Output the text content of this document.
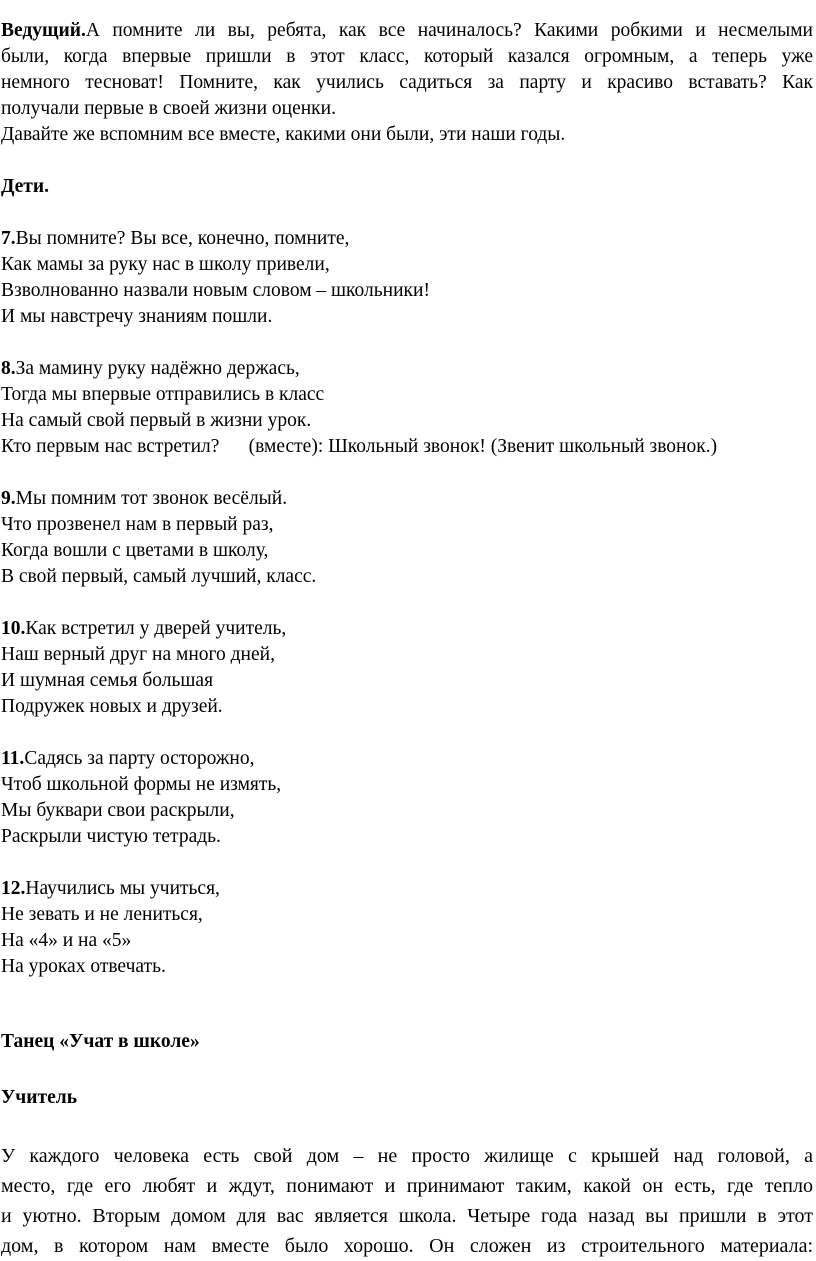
Ведущий.А помните ли вы, ребята, как все начиналось? Какими робкими и несмелыми
были, когда впервые пришли в этот класс, который казался огромным, а теперь уже
немного тесноват! Помните, как учились садиться за парту и красиво вставать? Как
получали первые в своей жизни оценки.
Давайте же вспомним все вместе, какими они были, эти наши годы.

Дети.

7.Вы помните? Вы все, конечно, помните,
Как мамы за руку нас в школу привели,
Взволнованно назвали новым словом – школьники!
И мы навстречу знаниям пошли.
8.За мамину руку надёжно держась,
Тогда мы впервые отправились в класс
На самый свой первый в жизни урок.
Кто первым нас встретил?      (вместе): Школьный звонок! (Звенит школьный звонок.)
9.Мы помним тот звонок весёлый.
Что прозвенел нам в первый раз,
Когда вошли с цветами в школу,
В свой первый, самый лучший, класс.
10.Как встретил у дверей учитель,
Наш верный друг на много дней,
И шумная семья большая
Подружек новых и друзей.
11.Садясь за парту осторожно,
Чтоб школьной формы не измять,
Мы буквари свои раскрыли,
Раскрыли чистую тетрадь.
12.Научились мы учиться,
Не зевать и не лениться,
На «4» и на «5»
На уроках отвечать.

Танец «Учат в школе»

Учитель

У каждого человека есть свой дом – не просто жилище с крышей над головой, а
место, где его любят и ждут, понимают и принимают таким, какой он есть, где тепло
и уютно. Вторым домом для вас является школа. Четыре года назад вы пришли в этот
дом, в котором нам вместе было хорошо. Он сложен из строительного материала:
